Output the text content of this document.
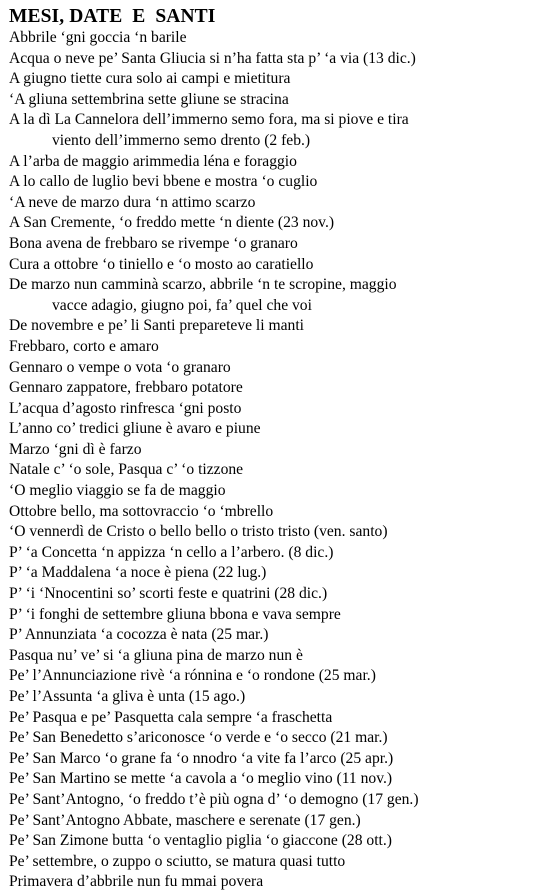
MESI, DATE  E  SANTI
Abbrile ‘gni goccia ‘n barile
Acqua o neve pe’ Santa Gliucia si n’ha fatta sta p’ ‘a via (13 dic.)
A giugno tiette cura solo ai campi e mietitura
‘A gliuna settembrina sette gliune se stracina
A la dì La Cannelora dell’immerno semo fora, ma si piove e tira
viento dell’immerno semo drento (2 feb.)
A l’arba de maggio arimmedia léna e foraggio
A lo callo de luglio bevi bbene e mostra ‘o cuglio
‘A neve de marzo dura ‘n attimo scarzo
A San Cremente, ‘o freddo mette ‘n diente (23 nov.)
Bona avena de frebbaro se rivempe ‘o granaro
Cura a ottobre ‘o tiniello e ‘o mosto ao caratiello
De marzo nun camminà scarzo, abbrile ‘n te scropine, maggio
vacce adagio, giugno poi, fa’ quel che voi
De novembre e pe’ li Santi prepareteve li manti
Frebbaro, corto e amaro
Gennaro o vempe o vota ‘o granaro
Gennaro zappatore, frebbaro potatore
L’acqua d’agosto rinfresca ‘gni posto
L’anno co’ tredici gliune è avaro e piune
Marzo ‘gni dì è farzo
Natale c’ ‘o sole, Pasqua c’ ‘o tizzone
‘O meglio viaggio se fa de maggio
Ottobre bello, ma sottovraccio ‘o ‘mbrello
‘O vennerdì de Cristo o bello bello o tristo tristo (ven. santo)
P’ ‘a Concetta ‘n appizza ‘n cello a l’arbero. (8 dic.)
P’ ‘a Maddalena ‘a noce è piena (22 lug.)
P’ ‘i ‘Nnocentini so’ scorti feste e quatrini (28 dic.)
P’ ‘i fonghi de settembre gliuna bbona e vava sempre
P’ Annunziata ‘a cocozza è nata (25 mar.)
Pasqua nu’ ve’ si ‘a gliuna pina de marzo nun è
Pe’ l’Annunciazione rivè ‘a rónnina e ‘o rondone (25 mar.)
Pe’ l’Assunta ‘a gliva è unta (15 ago.)
Pe’ Pasqua e pe’ Pasquetta cala sempre ‘a fraschetta
Pe’ San Benedetto s’ariconosce ‘o verde e ‘o secco (21 mar.)
Pe’ San Marco ‘o grane fa ‘o nnodro ‘a vite fa l’arco (25 apr.)
Pe’ San Martino se mette ‘a cavola a ‘o meglio vino (11 nov.)
Pe’ Sant’Antogno, ‘o freddo t’è più ogna d’ ‘o demogno (17 gen.)
Pe’ Sant’Antogno Abbate, maschere e serenate (17 gen.)
Pe’ San Zimone butta ‘o ventaglio piglia ‘o giaccone (28 ott.)
Pe’ settembre, o zuppo o sciutto, se matura quasi tutto
Primavera d’abbrile nun fu mmai povera
